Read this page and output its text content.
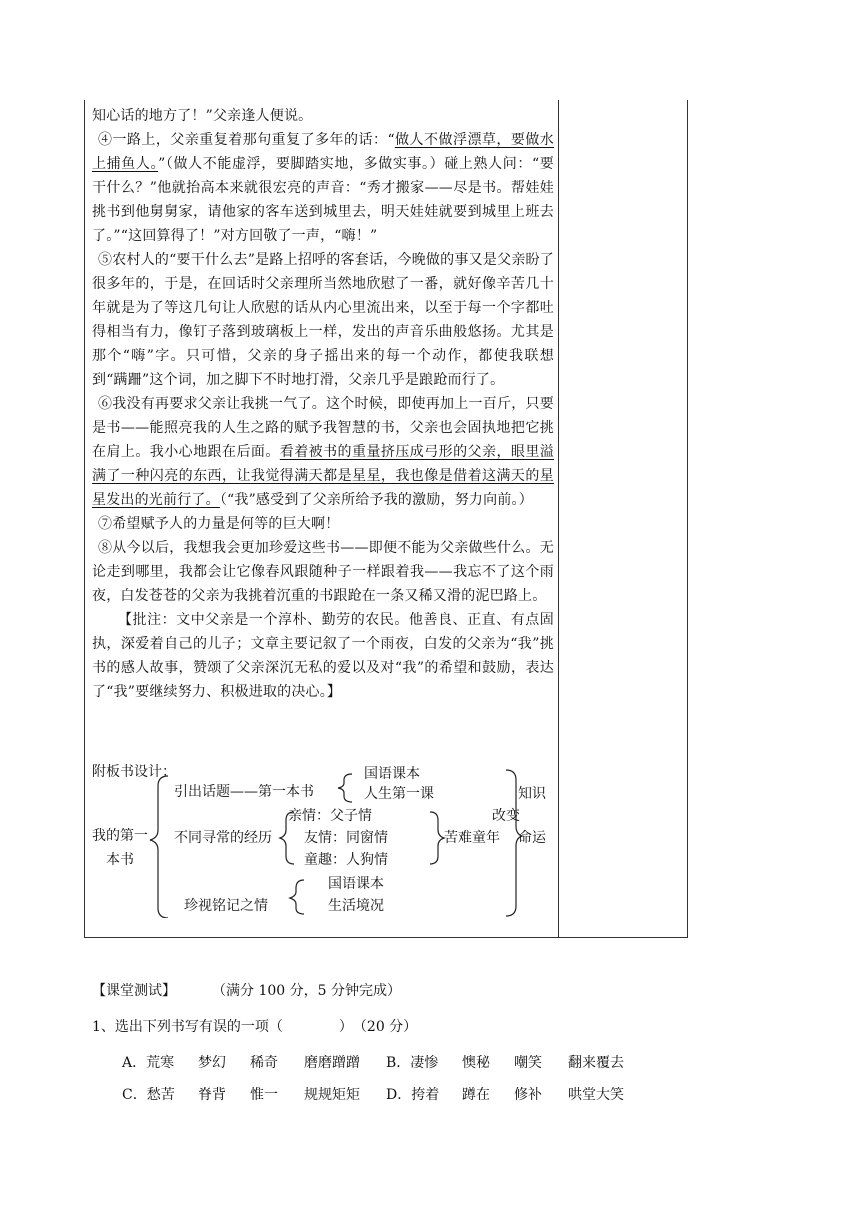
知心话的地方了！”父亲逢人便说。

④一路上，父亲重复着那句重复了多年的话：“做人不做浮漂草，要做水上捕鱼人。”（做人不能虚浮，要脚踏实地，多做实事。）碰上熟人问：“要干什么？”他就抬高本来就很宏亮的声音：“秀才搬家——尽是书。帮娃娃挑书到他舅舅家，请他家的客车送到城里去，明天娃娃就要到城里上班去了。”“这回算得了！”对方回敬了一声，“嗨！”

⑤农村人的“要干什么去”是路上招呼的客套话，今晚做的事又是父亲盼了很多年的，于是，在回话时父亲理所当然地欣慰了一番，就好像辛苦几十年就是为了等这几句让人欣慰的话从内心里流出来，以至于每一个字都吐得相当有力，像钉子落到玻璃板上一样，发出的声音乐曲般悠扬。尤其是那个“嗨”字。只可惜，父亲的身子摇出来的每一个动作，都使我联想到“蹒跚”这个词，加之脚下不时地打滑，父亲几乎是踉跄而行了。

⑥我没有再要求父亲让我挑一气了。这个时候，即使再加上一百斤，只要是书——能照亮我的人生之路的赋予我智慧的书，父亲也会固执地把它挑在肩上。我小心地跟在后面。看着被书的重量挤压成弓形的父亲，眼里溢满了一种闪亮的东西，让我觉得满天都是星星，我也像是借着这满天的星星发出的光前行了。（“我”感受到了父亲所给予我的激励，努力向前。）

⑦希望赋予人的力量是何等的巨大啊！

⑧从今以后，我想我会更加珍爱这些书——即便不能为父亲做些什么。无论走到哪里，我都会让它像春风跟随种子一样跟着我——我忘不了这个雨夜，白发苍苍的父亲为我挑着沉重的书跟跄在一条又稀又滑的泥巴路上。

【批注：文中父亲是一个淳朴、勤劳的农民。他善良、正直、有点固执，深爱着自己的儿子；文章主要记叙了一个雨夜，白发的父亲为“我”挑书的感人故事，赞颂了父亲深沉无私的爱以及对“我”的希望和鼓励，表达了“我”要继续努力、积极进取的决心。】

附板书设计：
我的第一
本书
引出话题——第一本书
国语课本
人生第一课
不同寻常的经历
亲情：父子情
友情：同窗情
童趣：人狗情
苦难童年
珍视铭记之情
国语课本
生活境况
知识
改变
命运
【课堂测试】	（满分 100 分，5 分钟完成）
1、选出下列书写有误的一项（　　　　）　（20 分）
A．荒寒 梦幻 稀奇 磨磨蹭蹭 B．凄惨 懊秘 嘲笑 翻来覆去
C．愁苦 脊背 惟一 规规矩矩 D．挎着 蹲在 修补 哄堂大笑
